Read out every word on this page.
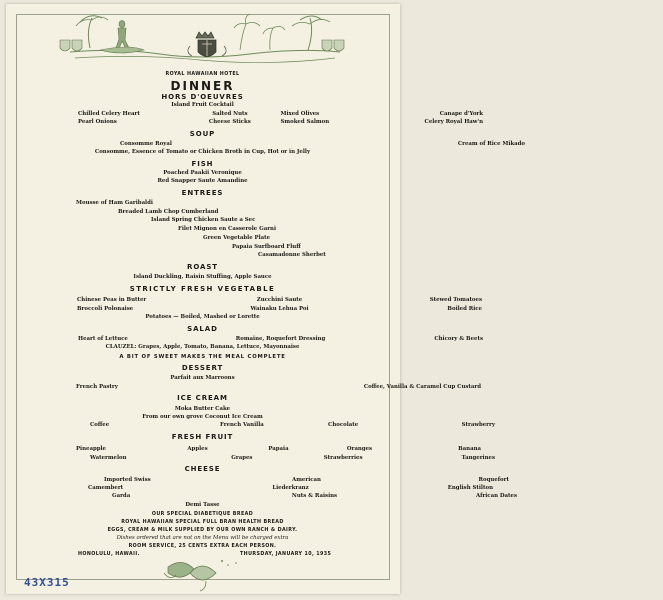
ROYAL HAWAIIAN HOTEL
DINNER
HORS D'OEUVRES
Island Fruit Cocktail
Chilled Celery Heart	Salted Nuts	Mixed Olives	Canape d'York
Pearl Onions	Cheese Sticks	Smoked Salmon	Celery Royal Haw'n
SOUP
Consomme Royal	Cream of Rice Mikado
Consomme, Essence of Tomato or Chicken Broth in Cup, Hot or in Jelly
FISH
Poached Paakii Veronique
Red Snapper Saute Amandine
ENTREES
Mousse of Ham Garibaldi
Breaded Lamb Chop Cumberland
Island Spring Chicken Saute a Sec
Filet Mignon en Casserole Garni
Green Vegetable Plate
Papaia Surfboard Fluff
Casamadonne Sherbet
ROAST
Island Duckling, Raisin Stuffing, Apple Sauce
STRICTLY FRESH VEGETABLE
Chinese Peas in Butter	Zucchini Saute	Stewed Tomatoes
Broccoli Polonaise	Wainaku Lehua Poi	Boiled Rice
Potatoes — Boiled, Mashed or Lorette
SALAD
Heart of Lettuce	Romaine, Roquefort Dressing	Chicory & Beets
CLAUZEL: Grapes, Apple, Tomato, Banana, Lettuce, Mayonnaise
A BIT OF SWEET MAKES THE MEAL COMPLETE
DESSERT
Parfait aux Marroons
French Pastry	Coffee, Vanilla & Caramel Cup Custard
ICE CREAM
Moka Butter Cake
From our own grove Coconut Ice Cream
Coffee	French Vanilla	Chocolate	Strawberry
FRESH FRUIT
Pineapple	Apples	Papaia	Oranges	Banana
Watermelon	Grapes	Strawberries	Tangerines
CHEESE
Imported Swiss	American	Roquefort
Camembert	Liederkranz	English Stilton
Garda	Nuts & Raisins	African Dates
Demi Tasse
OUR SPECIAL DIABETIQUE BREAD
ROYAL HAWAIIAN SPECIAL FULL BRAN HEALTH BREAD
EGGS, CREAM & MILK SUPPLIED BY OUR OWN RANCH & DAIRY.
Dishes ordered that are not on the Menu will be charged extra
ROOM SERVICE, 25 CENTS EXTRA EACH PERSON.
HONOLULU, HAWAII.	THURSDAY, JANUARY 10, 1935
43X315
